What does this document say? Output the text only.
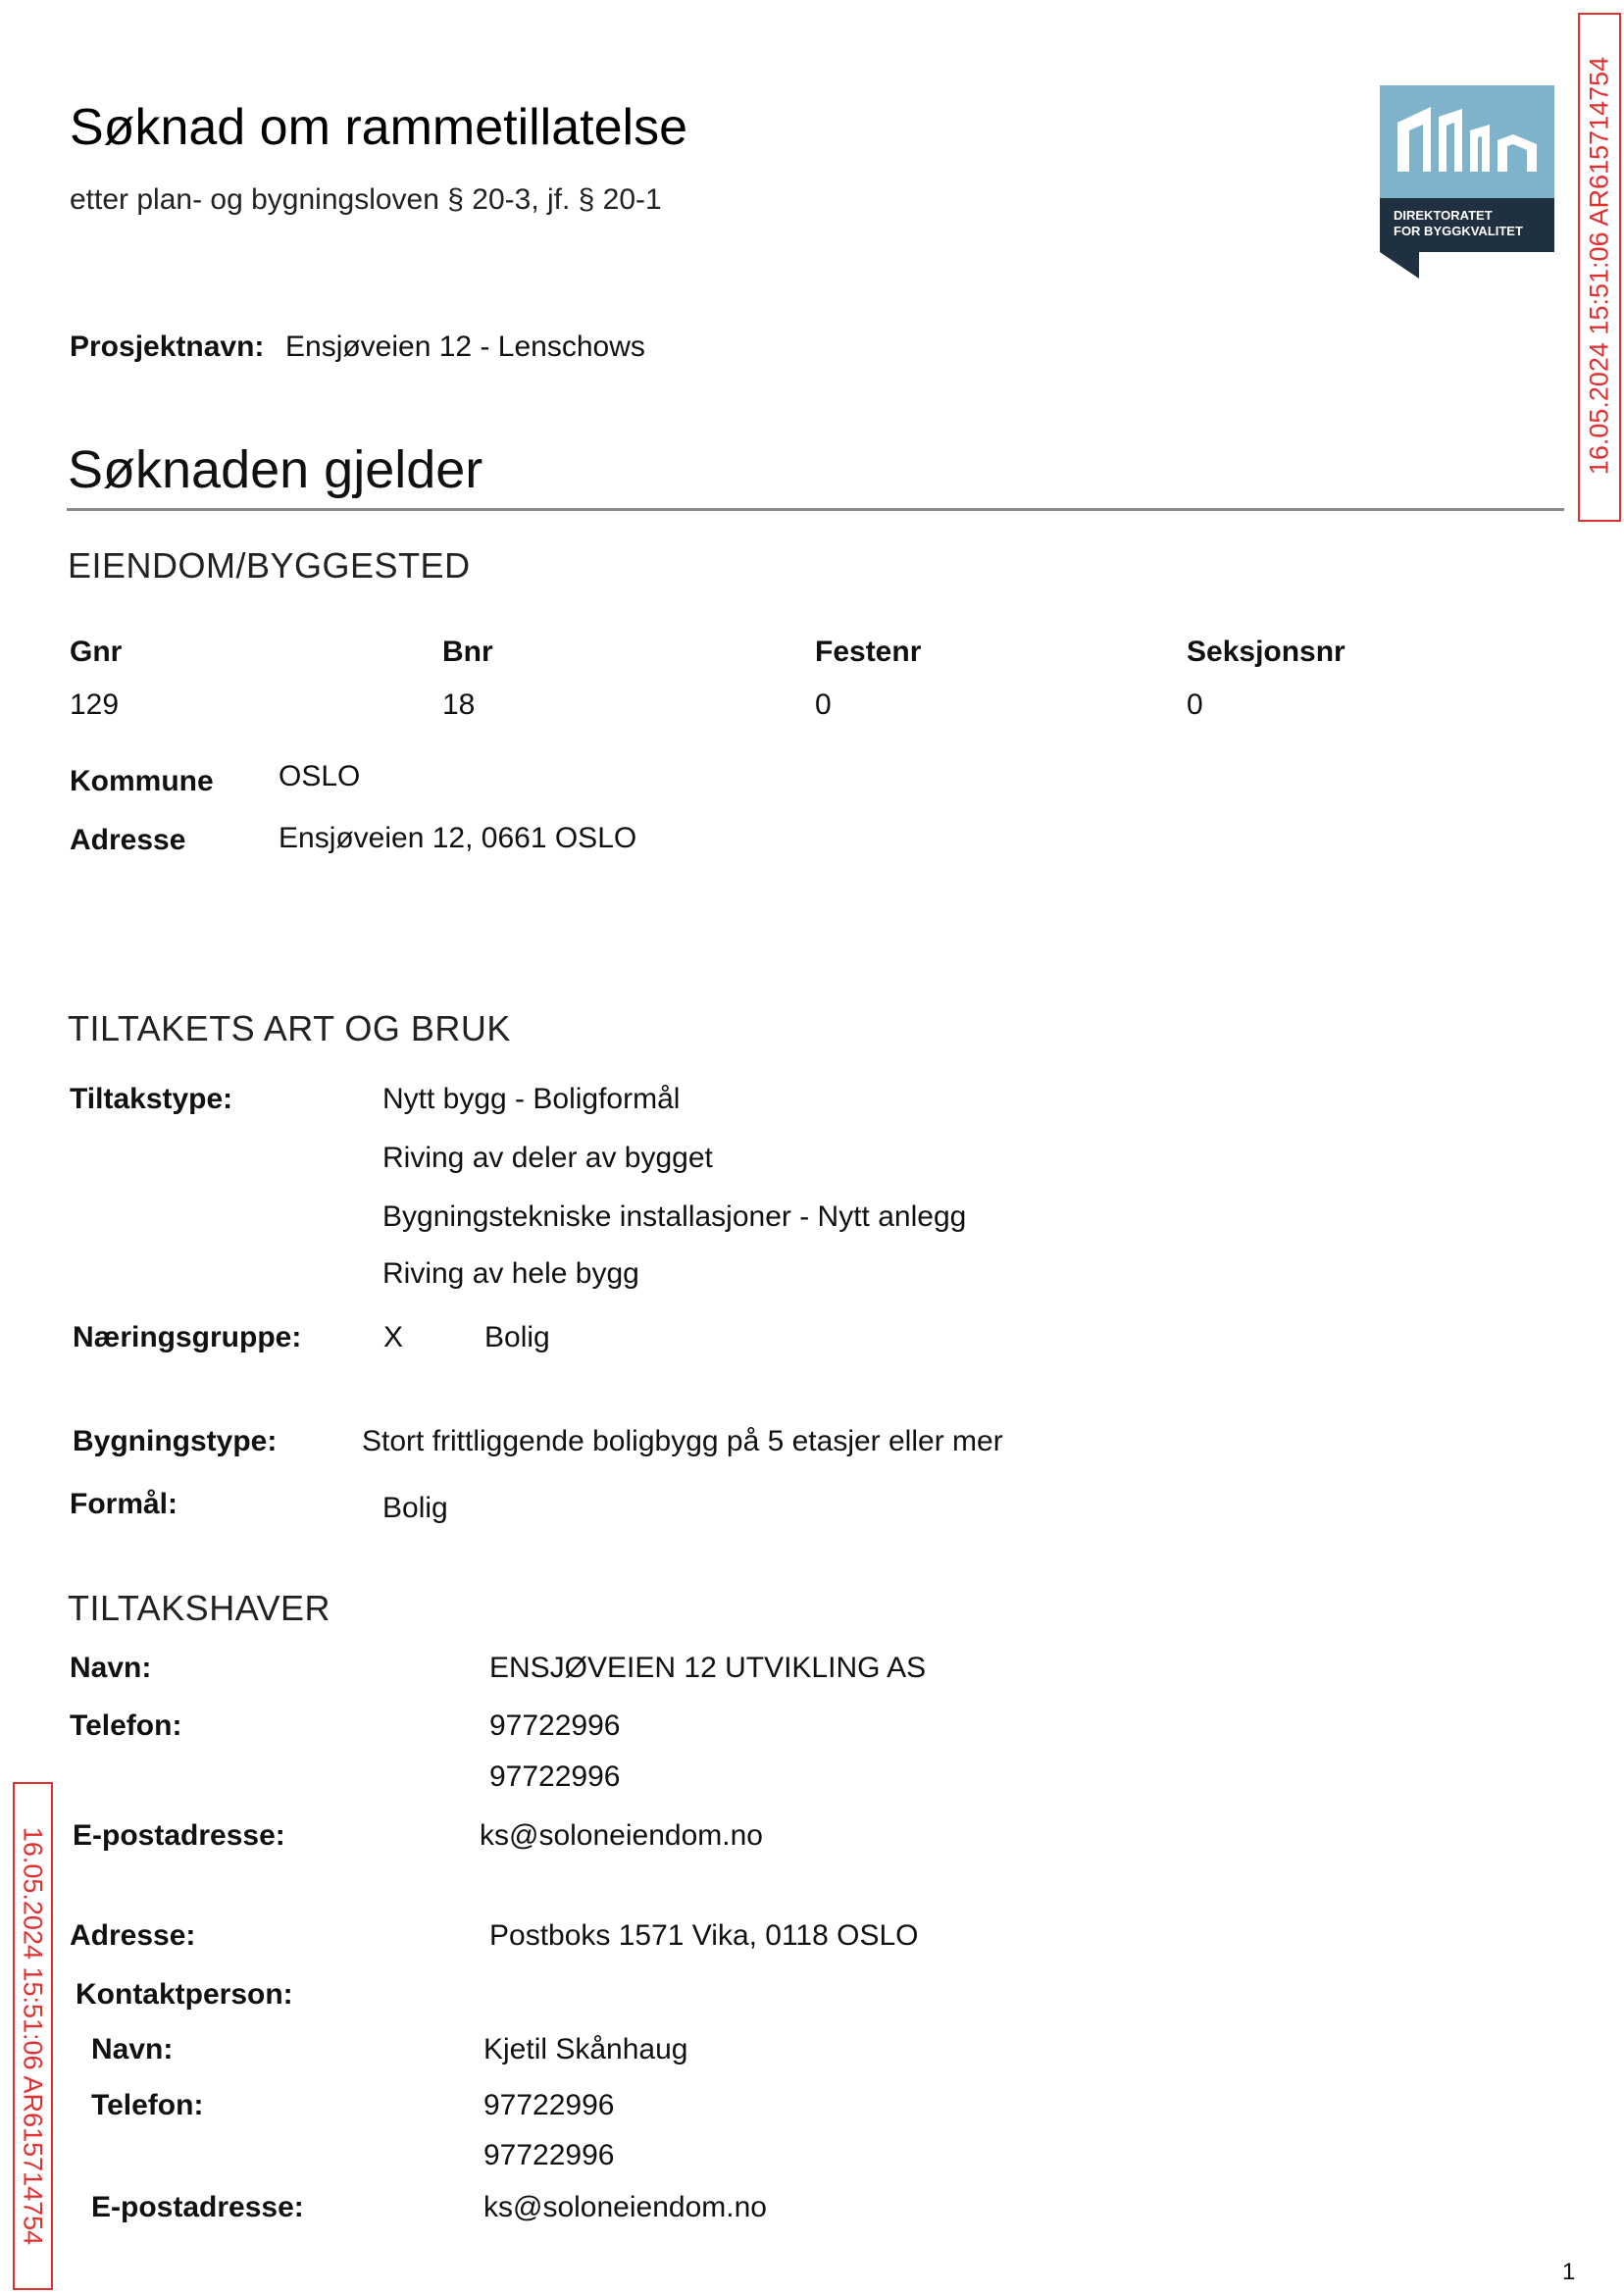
Søknad om rammetillatelse
etter plan- og bygningsloven § 20-3, jf. § 20-1	DIREKTORATET
FOR BYGGKVALITET 16.05.2024 15:51:06 AR615714754
16.05.2024 15:51:06 AR615714754
Prosjektnavn: Ensjøveien 12 - Lenschows
Søknaden gjelder
EIENDOM/BYGGESTED
Gnr	Bnr	Festenr	Seksjonsnr
129	18	0	0
Kommune OSLO
Adresse	Ensjøveien 12, 0661 OSLO
TILTAKETS ART OG BRUK
Tiltakstype:	Nytt bygg - Boligformål
Riving av deler av bygget
Bygningstekniske installasjoner - Nytt anlegg
Riving av hele bygg
Næringsgruppe:	X	Bolig
Bygningstype:	Stort frittliggende boligbygg på 5 etasjer eller mer
Formål:	Bolig
TILTAKSHAVER
Navn:	ENSJØVEIEN 12 UTVIKLING AS
Telefon:	97722996
97722996
E-postadresse:	ks@soloneiendom.no
Adresse:	Postboks 1571 Vika, 0118 OSLO
Kontaktperson:
Navn:	Kjetil Skånhaug
Telefon:	97722996
97722996
E-postadresse:	ks@soloneiendom.no
1
